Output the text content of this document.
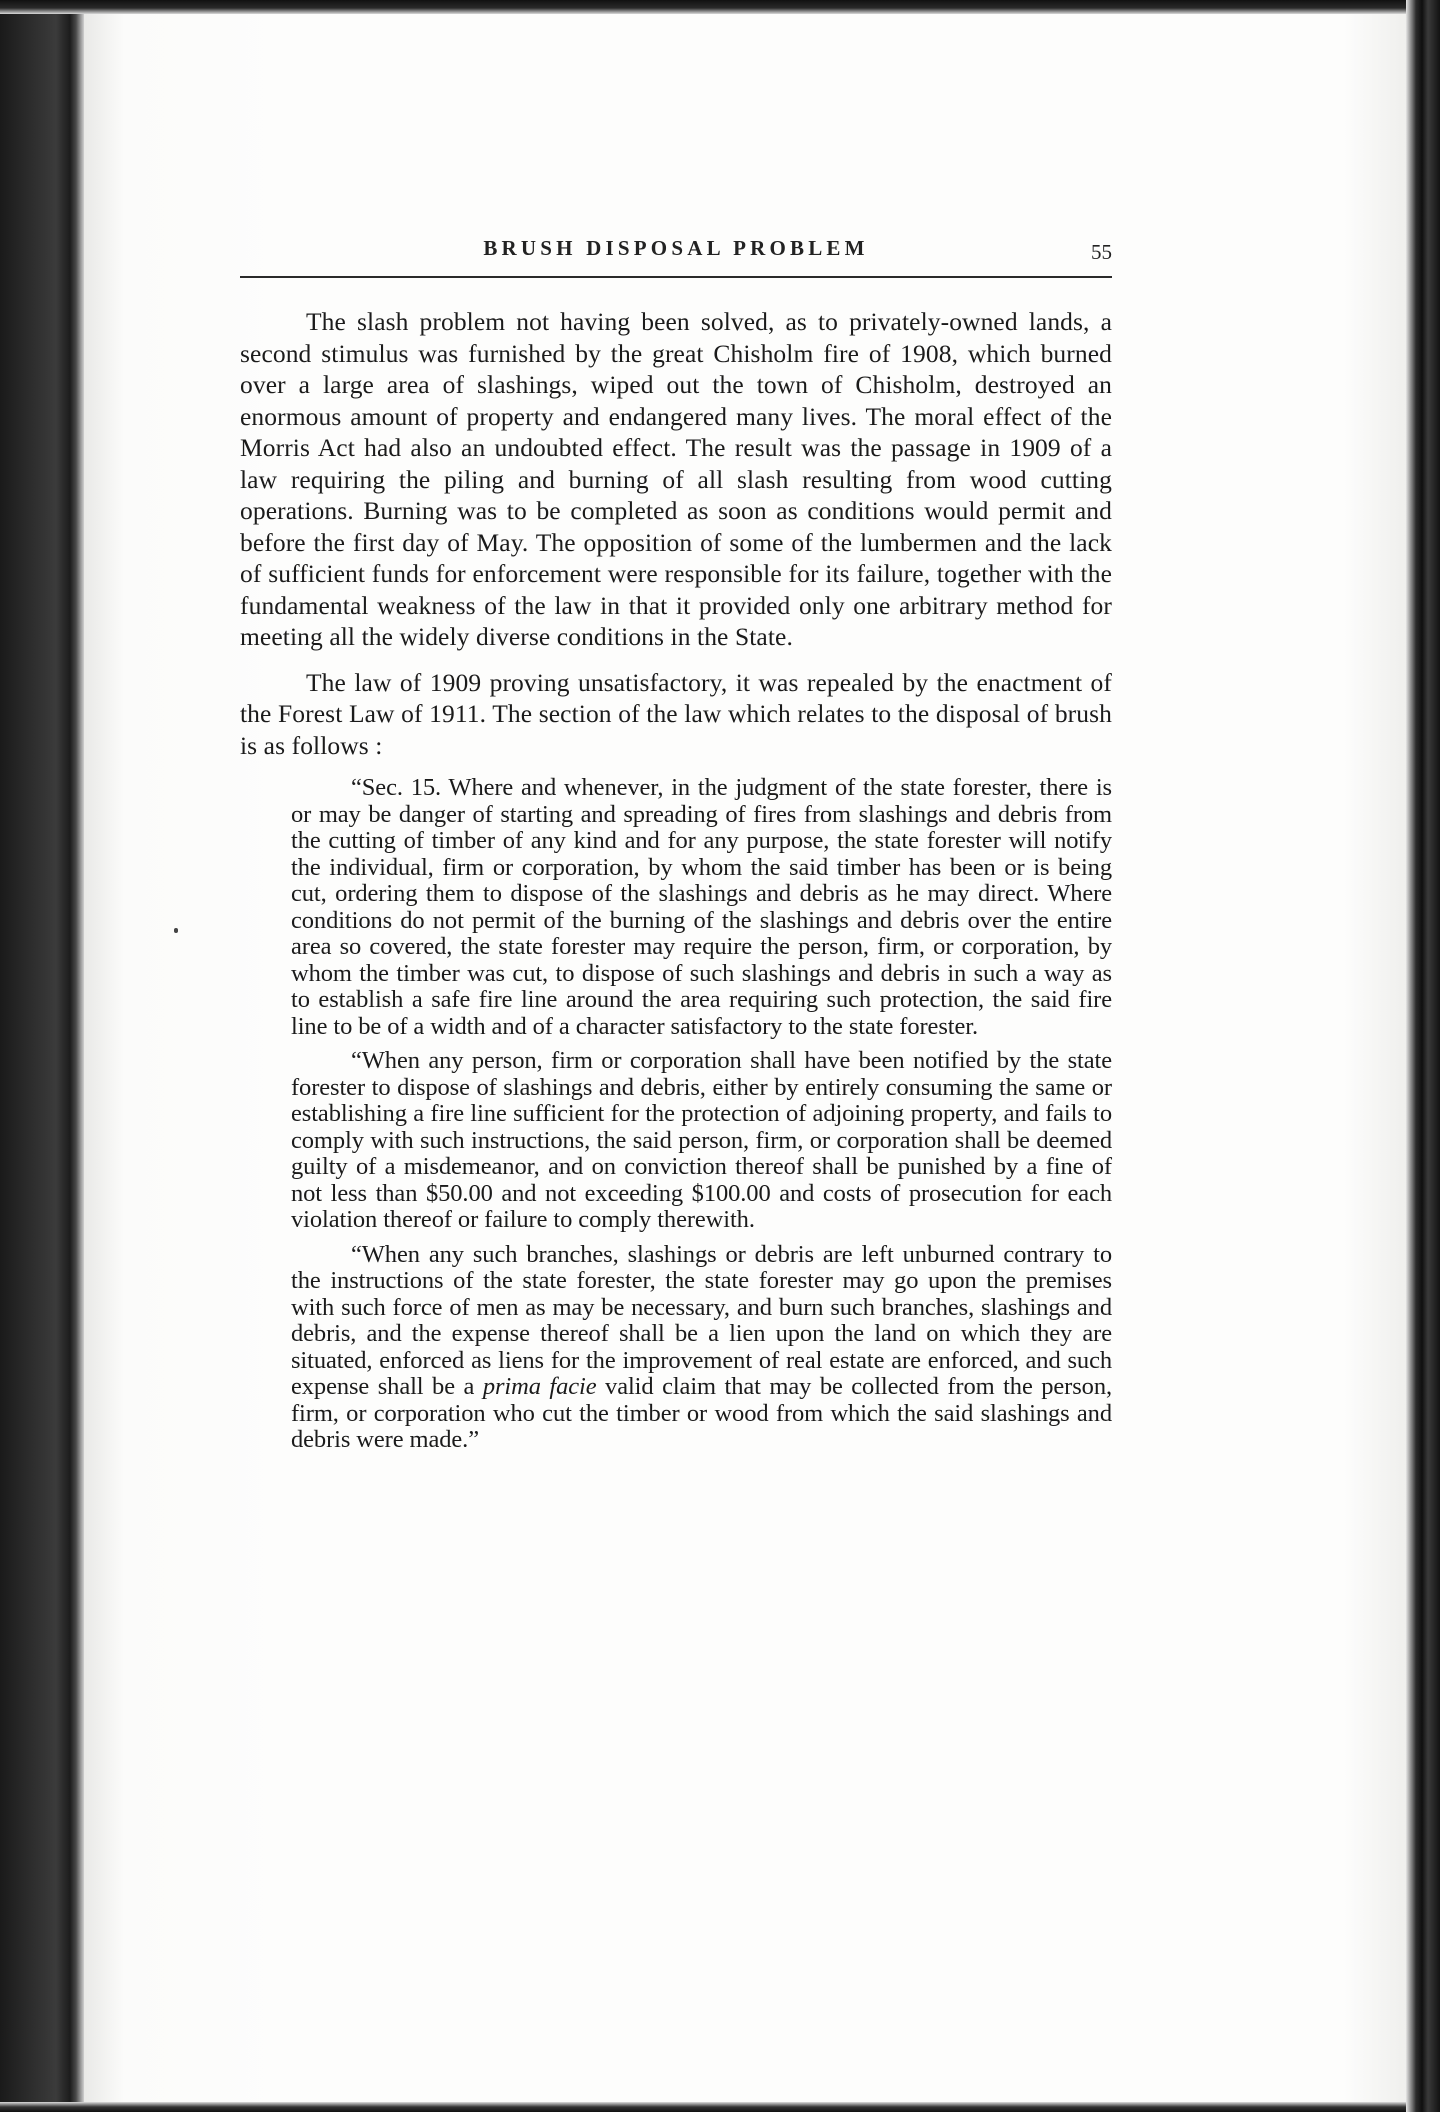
BRUSH DISPOSAL PROBLEM	55

The slash problem not having been solved, as to privately-owned lands, a second stimulus was furnished by the great Chisholm fire of 1908, which burned over a large area of slashings, wiped out the town of Chisholm, destroyed an enormous amount of property and endangered many lives. The moral effect of the Morris Act had also an undoubted effect. The result was the passage in 1909 of a law requiring the piling and burning of all slash resulting from wood cutting operations. Burning was to be completed as soon as conditions would permit and before the first day of May. The opposition of some of the lumbermen and the lack of sufficient funds for enforcement were responsible for its failure, together with the fundamental weakness of the law in that it provided only one arbitrary method for meeting all the widely diverse conditions in the State.

The law of 1909 proving unsatisfactory, it was repealed by the enactment of the Forest Law of 1911. The section of the law which relates to the disposal of brush is as follows :

“Sec. 15. Where and whenever, in the judgment of the state forester, there is or may be danger of starting and spreading of fires from slashings and debris from the cutting of timber of any kind and for any purpose, the state forester will notify the individual, firm or corporation, by whom the said timber has been or is being cut, ordering them to dispose of the slashings and debris as he may direct. Where conditions do not permit of the burning of the slashings and debris over the entire area so covered, the state forester may require the person, firm, or corporation, by whom the timber was cut, to dispose of such slashings and debris in such a way as to establish a safe fire line around the area requiring such protection, the said fire line to be of a width and of a character satisfactory to the state forester.

“When any person, firm or corporation shall have been notified by the state forester to dispose of slashings and debris, either by entirely consuming the same or establishing a fire line sufficient for the protection of adjoining property, and fails to comply with such instructions, the said person, firm, or corporation shall be deemed guilty of a misdemeanor, and on conviction thereof shall be punished by a fine of not less than $50.00 and not exceeding $100.00 and costs of prosecution for each violation thereof or failure to comply therewith.

“When any such branches, slashings or debris are left unburned contrary to the instructions of the state forester, the state forester may go upon the premises with such force of men as may be necessary, and burn such branches, slashings and debris, and the expense thereof shall be a lien upon the land on which they are situated, enforced as liens for the improvement of real estate are enforced, and such expense shall be a prima facie valid claim that may be collected from the person, firm, or corporation who cut the timber or wood from which the said slashings and debris were made.”
